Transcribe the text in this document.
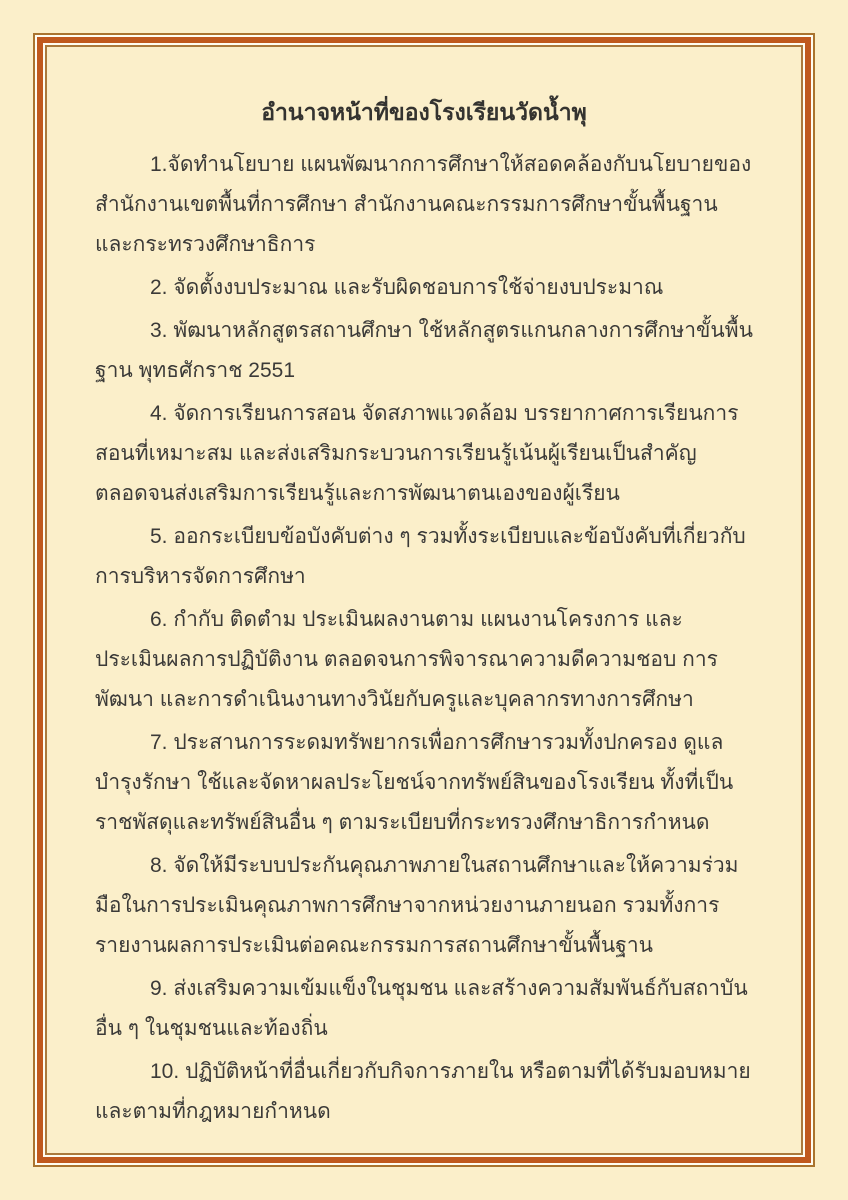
อำนาจหน้าที่ของโรงเรียนวัดน้ำพุ

1.จัดทำนโยบาย แผนพัฒนากการศึกษาให้สอดคล้องกับนโยบายของสำนักงานเขตพื้นที่การศึกษา สำนักงานคณะกรรมการศึกษาขั้นพื้นฐาน และกระทรวงศึกษาธิการ

2. จัดตั้งงบประมาณ และรับผิดชอบการใช้จ่ายงบประมาณ

3. พัฒนาหลักสูตรสถานศึกษา ใช้หลักสูตรแกนกลางการศึกษาขั้นพื้นฐาน พุทธศักราช 2551

4. จัดการเรียนการสอน จัดสภาพแวดล้อม บรรยากาศการเรียนการสอนที่เหมาะสม และส่งเสริมกระบวนการเรียนรู้เน้นผู้เรียนเป็นสำคัญ ตลอดจนส่งเสริมการเรียนรู้และการพัฒนาตนเองของผู้เรียน

5. ออกระเบียบข้อบังคับต่าง ๆ รวมทั้งระเบียบและข้อบังคับที่เกี่ยวกับการบริหารจัดการศึกษา

6. กำกับ ติดตำม ประเมินผลงานตาม แผนงานโครงการ และประเมินผลการปฏิบัติงาน ตลอดจนการพิจารณาความดีความชอบ การพัฒนา และการดำเนินงานทางวินัยกับครูและบุคลากรทางการศึกษา

7. ประสานการระดมทรัพยากรเพื่อการศึกษารวมทั้งปกครอง ดูแลบำรุงรักษา ใช้และจัดหาผลประโยชน์จากทรัพย์สินของโรงเรียน ทั้งที่เป็นราชพัสดุและทรัพย์สินอื่น ๆ ตามระเบียบที่กระทรวงศึกษาธิการกำหนด

8. จัดให้มีระบบประกันคุณภาพภายในสถานศึกษาและให้ความร่วมมือในการประเมินคุณภาพการศึกษาจากหน่วยงานภายนอก รวมทั้งการรายงานผลการประเมินต่อคณะกรรมการสถานศึกษาขั้นพื้นฐาน

9. ส่งเสริมความเข้มแข็งในชุมชน และสร้างความสัมพันธ์กับสถาบันอื่น ๆ ในชุมชนและท้องถิ่น

10. ปฏิบัติหน้าที่อื่นเกี่ยวกับกิจการภายใน หรือตามที่ได้รับมอบหมายและตามที่กฎหมายกำหนด
